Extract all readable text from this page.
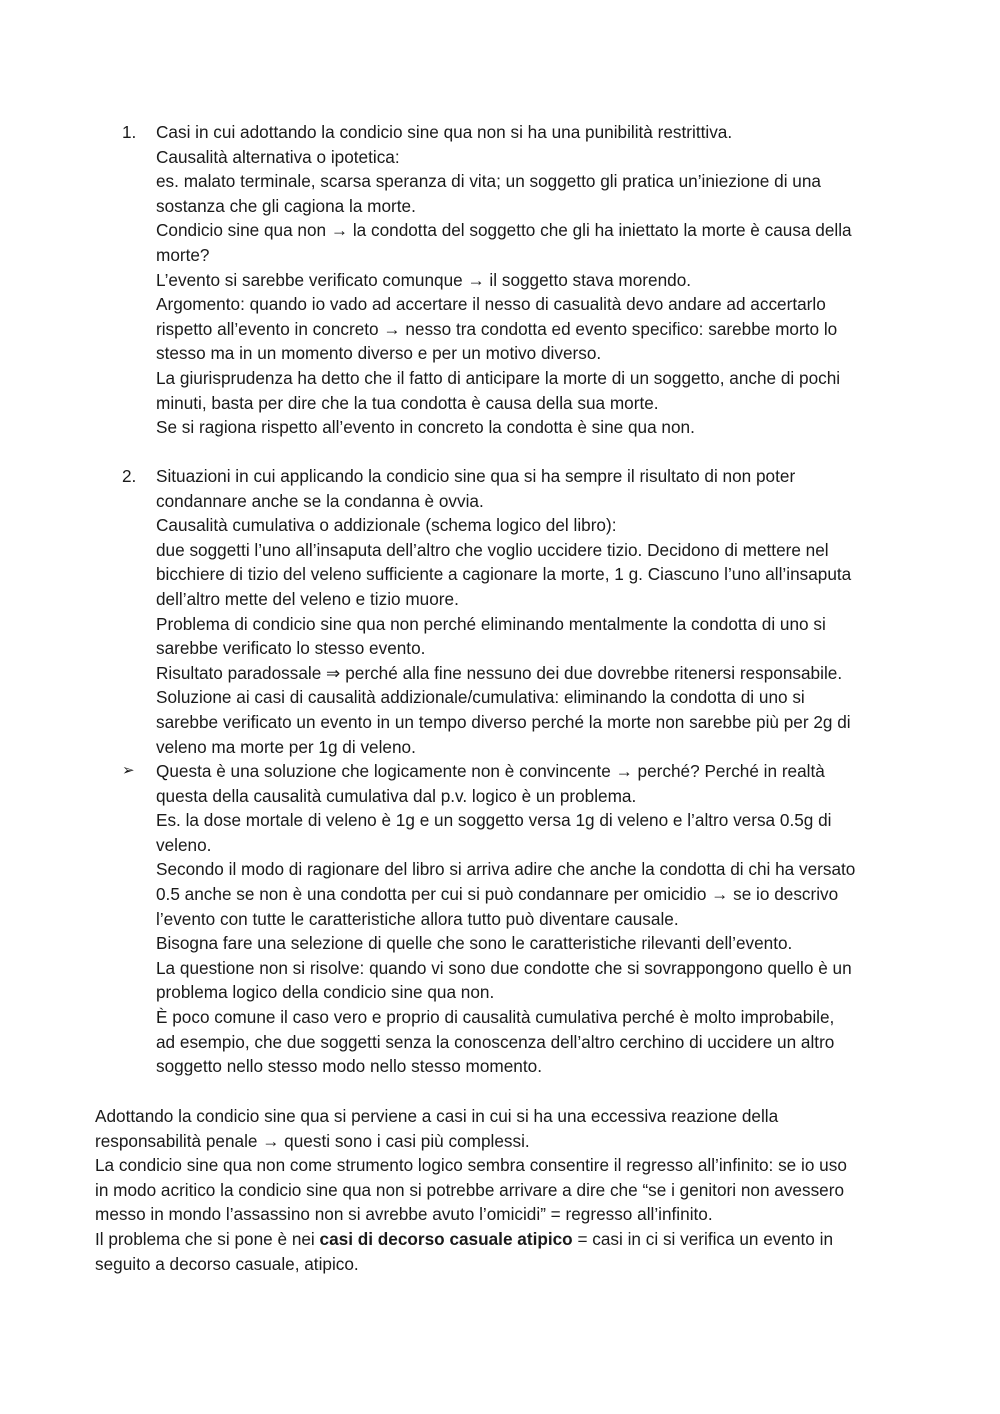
1.	Casi in cui adottando la condicio sine qua non si ha una punibilità restrittiva.
Causalità alternativa o ipotetica:
es. malato terminale, scarsa speranza di vita; un soggetto gli pratica un’iniezione di una
sostanza che gli cagiona la morte.
Condicio sine qua non → la condotta del soggetto che gli ha iniettato la morte è causa della
morte?
L’evento si sarebbe verificato comunque → il soggetto stava morendo.
Argomento: quando io vado ad accertare il nesso di casualità devo andare ad accertarlo
rispetto all’evento in concreto → nesso tra condotta ed evento specifico: sarebbe morto lo
stesso ma in un momento diverso e per un motivo diverso.
La giurisprudenza ha detto che il fatto di anticipare la morte di un soggetto, anche di pochi
minuti, basta per dire che la tua condotta è causa della sua morte.
Se si ragiona rispetto all’evento in concreto la condotta è sine qua non.
2.	Situazioni in cui applicando la condicio sine qua si ha sempre il risultato di non poter
condannare anche se la condanna è ovvia.
Causalità cumulativa o addizionale (schema logico del libro):
due soggetti l’uno all’insaputa dell’altro che voglio uccidere tizio. Decidono di mettere nel
bicchiere di tizio del veleno sufficiente a cagionare la morte, 1 g. Ciascuno l’uno all’insaputa
dell’altro mette del veleno e tizio muore.
Problema di condicio sine qua non perché eliminando mentalmente la condotta di uno si
sarebbe verificato lo stesso evento.
Risultato paradossale ⇒ perché alla fine nessuno dei due dovrebbe ritenersi responsabile.
Soluzione ai casi di causalità addizionale/cumulativa: eliminando la condotta di uno si
sarebbe verificato un evento in un tempo diverso perché la morte non sarebbe più per 2g di
veleno ma morte per 1g di veleno.
➢	Questa è una soluzione che logicamente non è convincente → perché? Perché in realtà
questa della causalità cumulativa dal p.v. logico è un problema.
Es. la dose mortale di veleno è 1g e un soggetto versa 1g di veleno e l’altro versa 0.5g di
veleno.
Secondo il modo di ragionare del libro si arriva adire che anche la condotta di chi ha versato
0.5 anche se non è una condotta per cui si può condannare per omicidio → se io descrivo
l’evento con tutte le caratteristiche allora tutto può diventare causale.
Bisogna fare una selezione di quelle che sono le caratteristiche rilevanti dell’evento.
La questione non si risolve: quando vi sono due condotte che si sovrappongono quello è un
problema logico della condicio sine qua non.
È poco comune il caso vero e proprio di causalità cumulativa perché è molto improbabile,
ad esempio, che due soggetti senza la conoscenza dell’altro cerchino di uccidere un altro
soggetto nello stesso modo nello stesso momento.
Adottando la condicio sine qua si perviene a casi in cui si ha una eccessiva reazione della
responsabilità penale → questi sono i casi più complessi.
La condicio sine qua non come strumento logico sembra consentire il regresso all’infinito: se io uso
in modo acritico la condicio sine qua non si potrebbe arrivare a dire che “se i genitori non avessero
messo in mondo l’assassino non si avrebbe avuto l’omicidi” = regresso all’infinito.
Il problema che si pone è nei casi di decorso casuale atipico = casi in ci si verifica un evento in
seguito a decorso casuale, atipico.
